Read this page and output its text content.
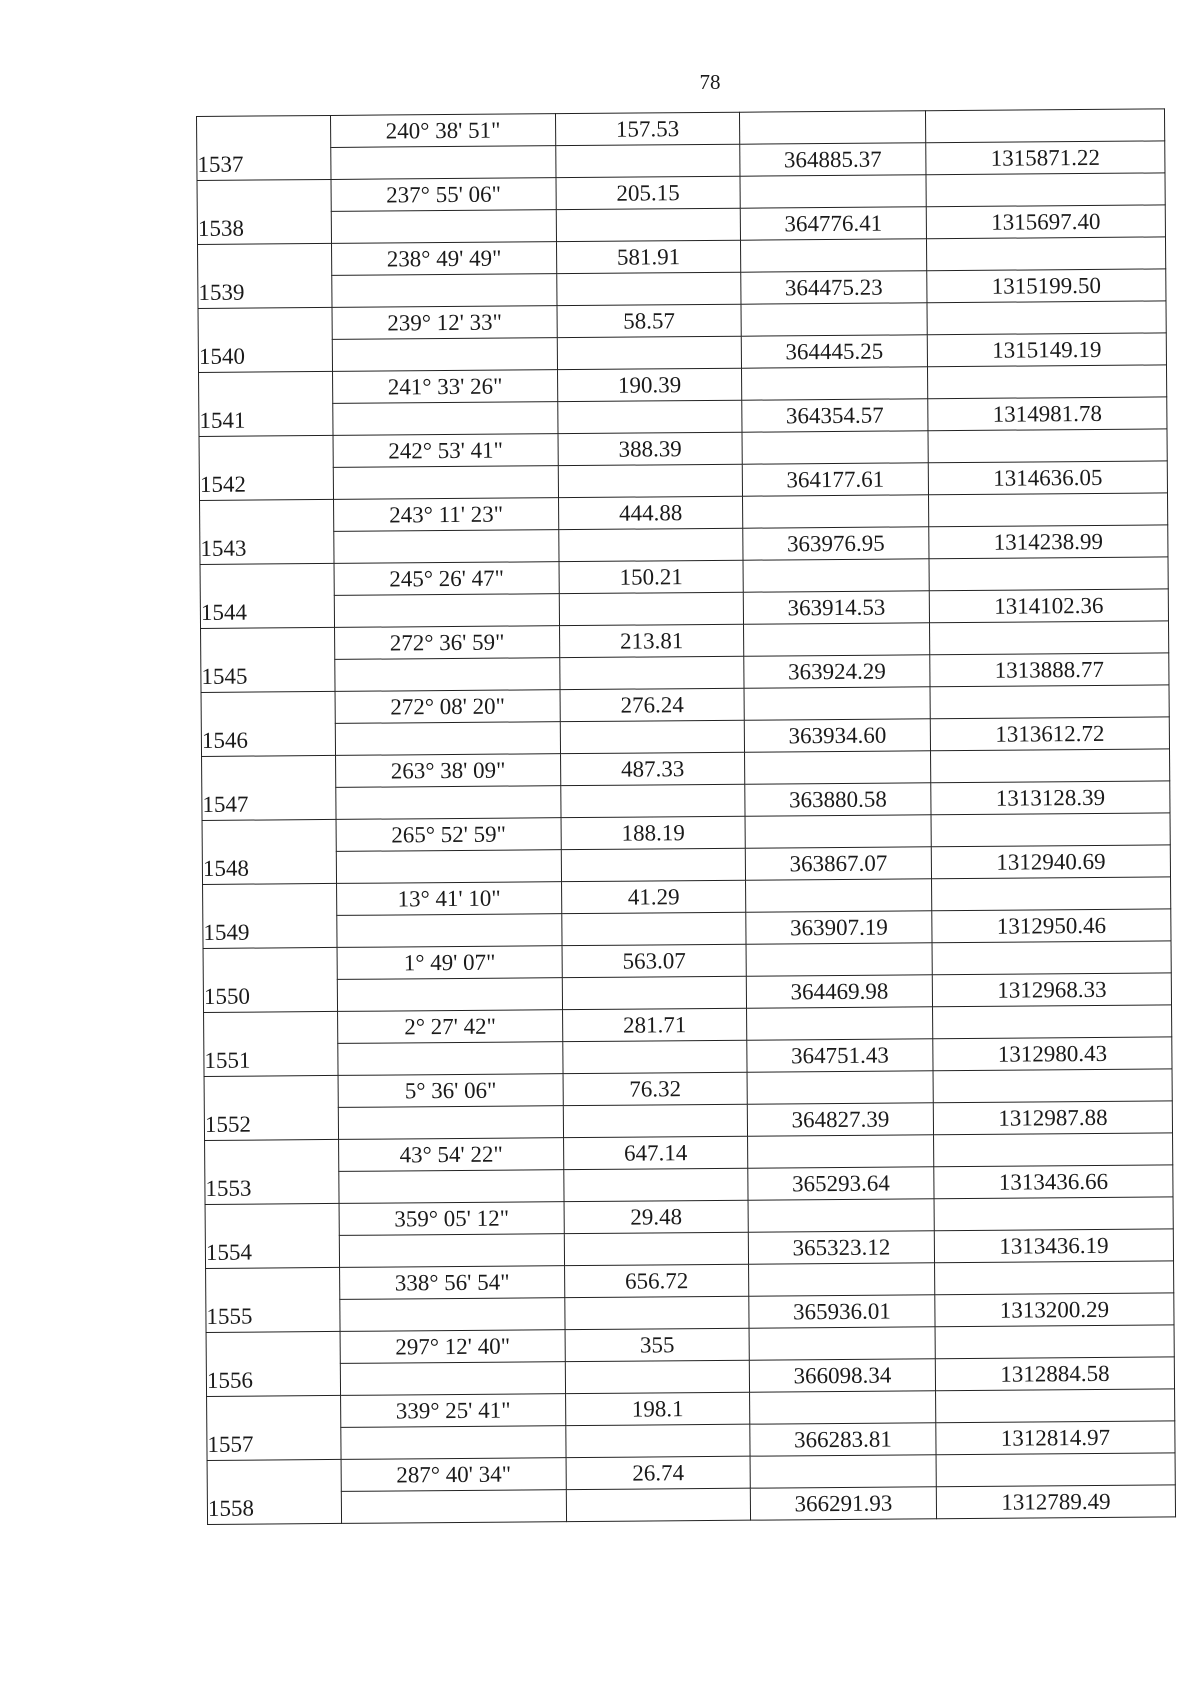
78
1537	240° 38' 51"	157.53		
			364885.37	1315871.22
1538	237° 55' 06"	205.15		
			364776.41	1315697.40
1539	238° 49' 49"	581.91		
			364475.23	1315199.50
1540	239° 12' 33"	58.57		
			364445.25	1315149.19
1541	241° 33' 26"	190.39		
			364354.57	1314981.78
1542	242° 53' 41"	388.39		
			364177.61	1314636.05
1543	243° 11' 23"	444.88		
			363976.95	1314238.99
1544	245° 26' 47"	150.21		
			363914.53	1314102.36
1545	272° 36' 59"	213.81		
			363924.29	1313888.77
1546	272° 08' 20"	276.24		
			363934.60	1313612.72
1547	263° 38' 09"	487.33		
			363880.58	1313128.39
1548	265° 52' 59"	188.19		
			363867.07	1312940.69
1549	13° 41' 10"	41.29		
			363907.19	1312950.46
1550	1° 49' 07"	563.07		
			364469.98	1312968.33
1551	2° 27' 42"	281.71		
			364751.43	1312980.43
1552	5° 36' 06"	76.32		
			364827.39	1312987.88
1553	43° 54' 22"	647.14		
			365293.64	1313436.66
1554	359° 05' 12"	29.48		
			365323.12	1313436.19
1555	338° 56' 54"	656.72		
			365936.01	1313200.29
1556	297° 12' 40"	355		
			366098.34	1312884.58
1557	339° 25' 41"	198.1		
			366283.81	1312814.97
1558	287° 40' 34"	26.74		
			366291.93	1312789.49
